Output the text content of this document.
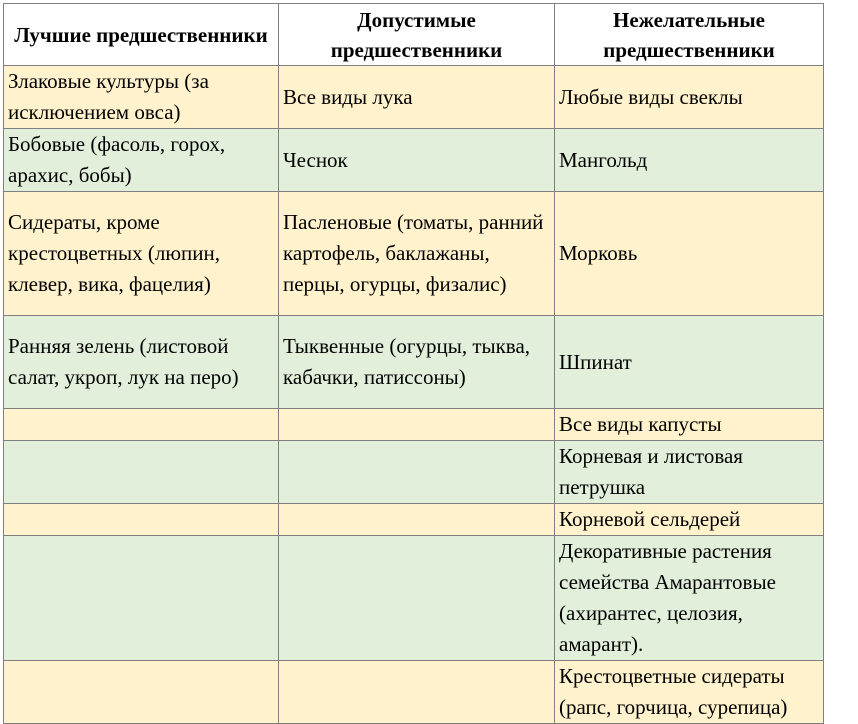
Лучшие предшественники	Допустимые предшественники	Нежелательные предшественники
Злаковые культуры (за исключением овса)	Все виды лука	Любые виды свеклы
Бобовые (фасоль, горох, арахис, бобы)	Чеснок	Мангольд
Сидераты, кроме крестоцветных (люпин, клевер, вика, фацелия)	Пасленовые (томаты, ранний картофель, баклажаны, перцы, огурцы, физалис)	Морковь
Ранняя зелень (листовой салат, укроп, лук на перо)	Тыквенные (огурцы, тыква, кабачки, патиссоны)	Шпинат
		Все виды капусты
		Корневая и листовая петрушка
		Корневой сельдерей
		Декоративные растения семейства Амарантовые (ахирантес, целозия, амарант).
		Крестоцветные сидераты (рапс, горчица, сурепица)
